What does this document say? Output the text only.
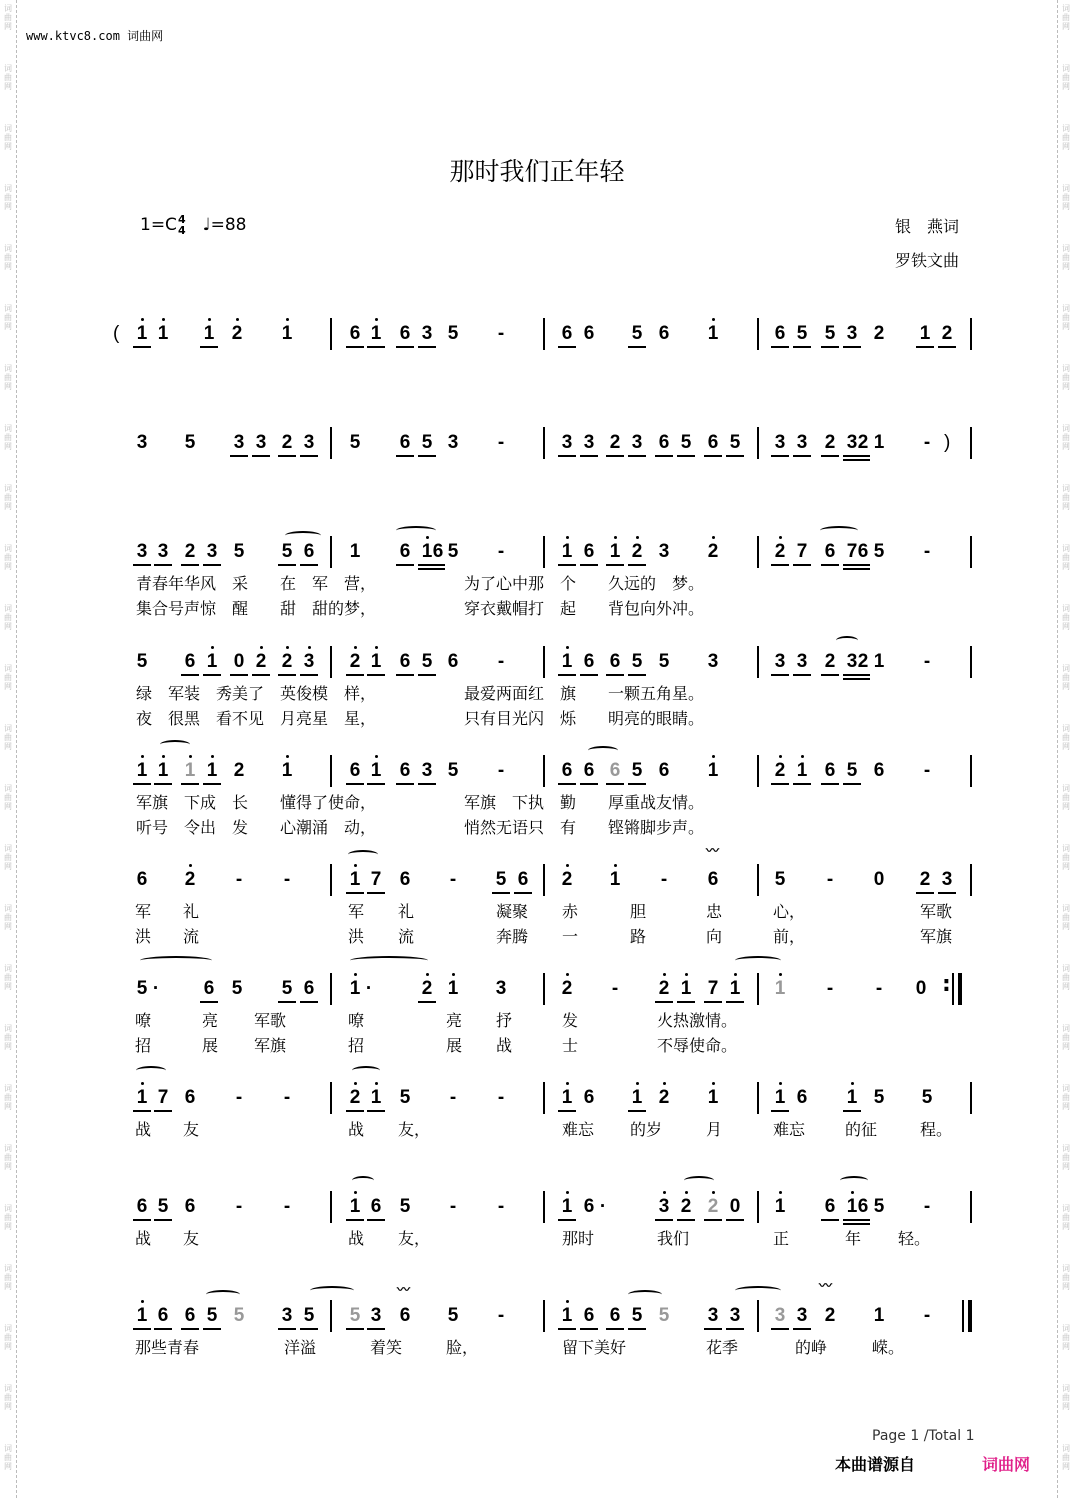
词
曲
网
词
曲
网
词
曲
网
词
曲
网
词
曲
网
词
曲
网
词
曲
网
词
曲
网
词
曲
网
词
曲
网
词
曲
网
词
曲
网
词
曲
网
词
曲
网
词
曲
网
词
曲
网
词
曲
网
词
曲
网
词
曲
网
词
曲
网
词
曲
网
词
曲
网
词
曲
网
词
曲
网
词
曲
网
词
曲
网
词
曲
网
词
曲
网
词
曲
网
词
曲
网
词
曲
网
词
曲
网
词
曲
网
词
曲
网
词
曲
网
词
曲
网
词
曲
网
词
曲
网
词
曲
网
词
曲
网
词
曲
网
词
曲
网
词
曲
网
词
曲
网
词
曲
网
词
曲
网
词
曲
网
词
曲
网
词
曲
网
词
曲
网
www.ktvc8.com 词曲网
那时我们正年轻
1=C4
4 ♩=88	银　燕词
罗铁文曲
( 1 1 1 2 1	6 1 6 3 5	-	6 6 5 6 1	6 5 5 3 2 1 2
3 5 3 3 2 3 5 6 5 3	-	3 3 2 3 6 5 6 5 3 3 2 3 2 1	- )
3 3 2 3 5 5 6 1 6 1 6 5	-	1 6 1 2 3 2	2 7 6 7 6 5	-
5 6 1 0 2 2 3 2 1 6 5 6	-	1 6 6 5 5 3	3 3 2 3 2 1	-
1 1 1 1 2 1	6 1 6 3 5	-	6 6 6 5 6 1	2 1 6 5 6	-
6 2	-	-	1 7 6	-	5 6 2 1	-	6	5	-	0 2 3
5 · 6 5 5 6 1 ·	2 1 3	2	-	2 1 7 1 1	-	-	0 :
1 7 6	-	-	2 1 5	-	-	1 6 1 2 1	1 6 1 5 5
6 5 6	-	-	1 6 5	-	-	1 6 ·	3 2 2 0 1 6 1 6 5	-
1 6 6 5 5 3 5 5 3 6 5	-	1 6 6 5 5 3 3 3 3 2 1	-
〰
〰	〰
青春年华风　采　　在　军　营，　　　　　　为了心中那　个　　久远的　梦。
集合号声惊　醒　　甜　甜的梦，　　　　　　穿衣戴帽打　起　　背包向外冲。
绿　军装　秀美了　英俊模　样，　　　　　　最爱两面红　旗　　一颗五角星。
夜　很黑　看不见　月亮星　星，　　　　　　只有目光闪　烁　　明亮的眼睛。
军旗　下成　长　　懂得了使命，　　　　　　军旗　下执　勤　　厚重战友情。
听号　令出　发　　心潮涌　动，　　　　　　悄然无语只　有　　铿锵脚步声。
军 礼	军 礼	凝聚 赤	胆	忠	心，	军歌
洪 流	洪 流	奔腾 一	路	向	前，	军旗
嘹	亮 军歌	嘹	亮 抒	发	火热激情。
招	展 军旗	招	展 战	士	不辱使命。
战 友	战 友，	难忘 的岁	月	难忘 的征	程。
战 友	战 友，	那时	我们	正	年 轻。
那些青春	洋溢	着笑	脸，	留下美好	花季	的峥	嵘。
Page 1 /Total 1
本曲谱源自	词曲网
